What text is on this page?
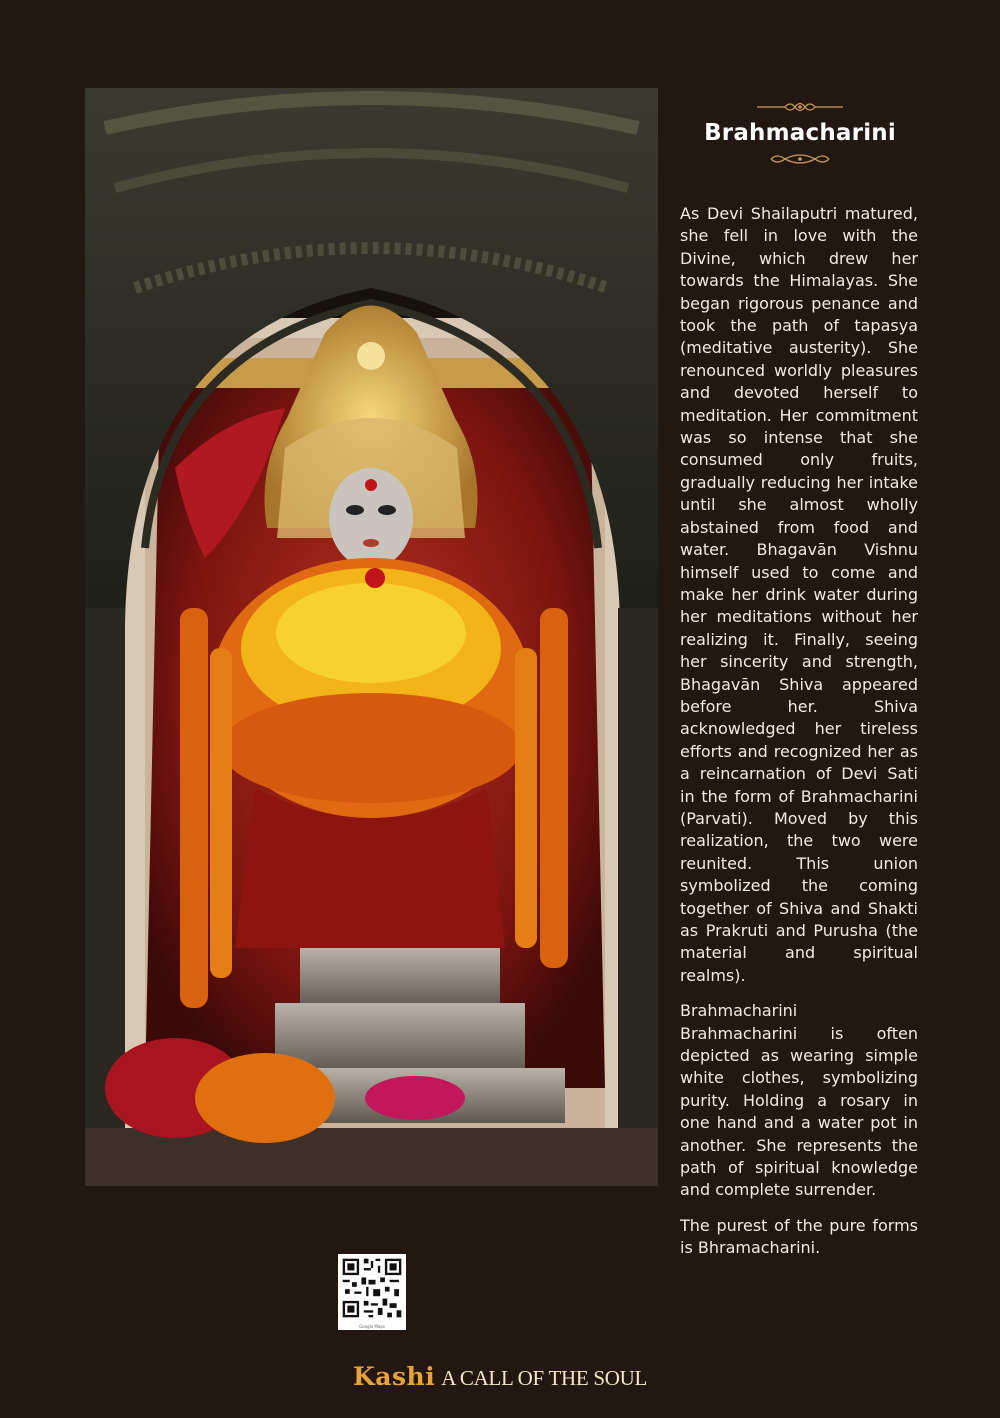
Brahmacharini

As Devi Shailaputri matured, she fell in love with the Divine, which drew her towards the Himalayas. She began rigorous penance and took the path of tapasya (meditative austerity). She renounced worldly pleasures and devoted herself to meditation. Her commitment was so intense that she consumed only fruits, gradually reducing her intake until she almost wholly abstained from food and water. Bhagavān Vishnu himself used to come and make her drink water during her meditations without her realizing it. Finally, seeing her sincerity and strength, Bhagavān Shiva appeared before her. Shiva acknowledged her tireless efforts and recognized her as a reincarnation of Devi Sati in the form of Brahmacharini (Parvati). Moved by this realization, the two were reunited. This union symbolized the coming together of Shiva and Shakti as Prakruti and Purusha (the material and spiritual realms).

Brahmacharini Brahmacharini is often depicted as wearing simple white clothes, symbolizing purity. Holding a rosary in one hand and a water pot in another. She represents the path of spiritual knowledge and complete surrender.

The purest of the pure forms is Bhramacharini.

Google Maps
Kashi A CALL OF THE SOUL
